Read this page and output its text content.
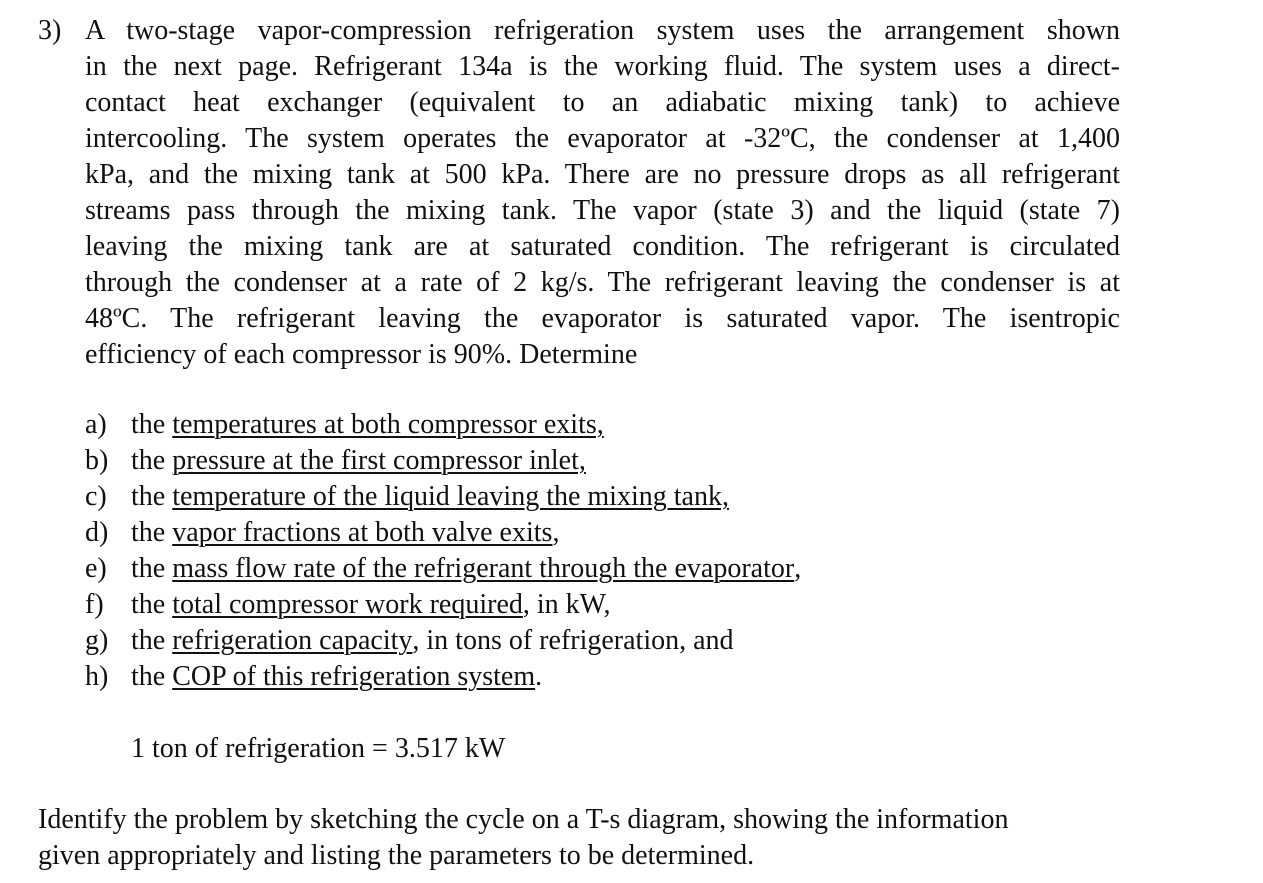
3) A two-stage vapor-compression refrigeration system uses the arrangement shown
in the next page. Refrigerant 134a is the working fluid. The system uses a direct-
contact heat exchanger (equivalent to an adiabatic mixing tank) to achieve
intercooling. The system operates the evaporator at -32ºC, the condenser at 1,400
kPa, and the mixing tank at 500 kPa. There are no pressure drops as all refrigerant
streams pass through the mixing tank. The vapor (state 3) and the liquid (state 7)
leaving the mixing tank are at saturated condition. The refrigerant is circulated
through the condenser at a rate of 2 kg/s. The refrigerant leaving the condenser is at
48ºC. The refrigerant leaving the evaporator is saturated vapor. The isentropic
efficiency of each compressor is 90%. Determine
a) the temperatures at both compressor exits,
b) the pressure at the first compressor inlet,
c) the temperature of the liquid leaving the mixing tank,
d) the vapor fractions at both valve exits ,
e) the mass flow rate of the refrigerant through the evaporator ,
f) the total compressor work required , in kW,
g) the refrigeration capacity , in tons of refrigeration, and
h) the COP of this refrigeration system .
1 ton of refrigeration = 3.517 kW
Identify the problem by sketching the cycle on a T-s diagram, showing the information
given appropriately and listing the parameters to be determined.
